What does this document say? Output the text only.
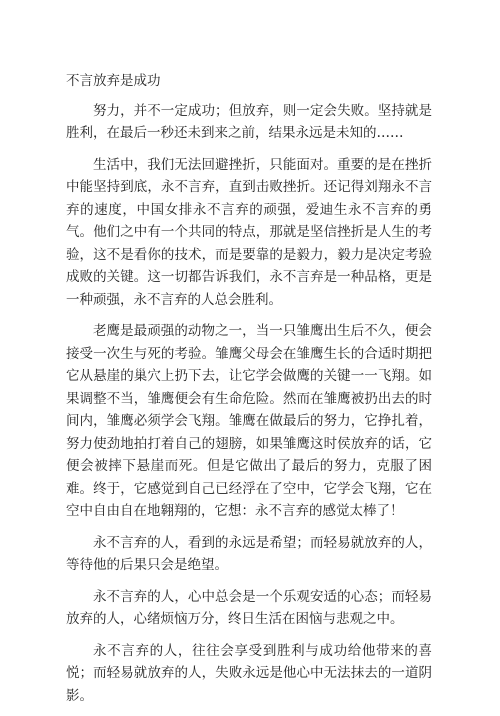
不言放弃是成功

努力，并不一定成功；但放弃，则一定会失败。坚持就是胜利，在最后一秒还未到来之前，结果永远是未知的……

生活中，我们无法回避挫折，只能面对。重要的是在挫折中能坚持到底，永不言弃，直到击败挫折。还记得刘翔永不言弃的速度，中国女排永不言弃的顽强，爱迪生永不言弃的勇气。他们之中有一个共同的特点，那就是坚信挫折是人生的考验，这不是看你的技术，而是要靠的是毅力，毅力是决定考验成败的关键。这一切都告诉我们，永不言弃是一种品格，更是一种顽强，永不言弃的人总会胜利。

老鹰是最顽强的动物之一，当一只雏鹰出生后不久，便会接受一次生与死的考验。雏鹰父母会在雏鹰生长的合适时期把它从悬崖的巢穴上扔下去，让它学会做鹰的关键一一飞翔。如果调整不当，雏鹰便会有生命危险。然而在雏鹰被扔出去的时间内，雏鹰必须学会飞翔。雏鹰在做最后的努力，它挣扎着，努力使劲地拍打着自己的翅膀，如果雏鹰这时侯放弃的话，它便会被摔下悬崖而死。但是它做出了最后的努力，克服了困难。终于，它感觉到自己已经浮在了空中，它学会飞翔，它在空中自由自在地翱翔的，它想：永不言弃的感觉太棒了！

永不言弃的人，看到的永远是希望；而轻易就放弃的人，等待他的后果只会是绝望。

永不言弃的人，心中总会是一个乐观安适的心态；而轻易放弃的人，心绪烦恼万分，终日生活在困恼与悲观之中。

永不言弃的人，往往会享受到胜利与成功给他带来的喜悦；而轻易就放弃的人，失败永远是他心中无法抹去的一道阴影。
